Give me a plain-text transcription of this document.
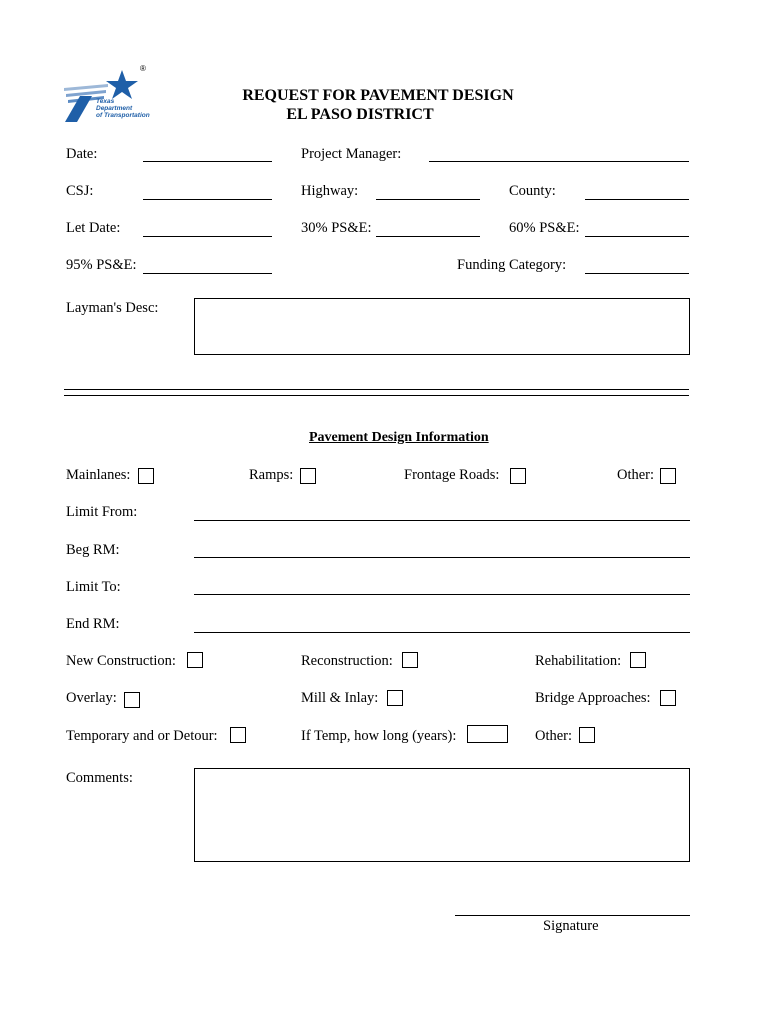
®
Texas
Department
of Transportation
REQUEST FOR PAVEMENT DESIGN
EL PASO DISTRICT
Date:	Project Manager:
CSJ:	Highway:	County:
Let Date:	30% PS&E:	60% PS&E:
95% PS&E:	Funding Category:
Layman's Desc:
Pavement Design Information
Mainlanes:	Ramps:	Frontage Roads:	Other:
Limit From:
Beg RM:
Limit To:
End RM:
New Construction:	Reconstruction:	Rehabilitation:
Overlay:	Mill & Inlay:	Bridge Approaches:
Temporary and or Detour:	If Temp, how long (years):	Other:
Comments:
Signature
